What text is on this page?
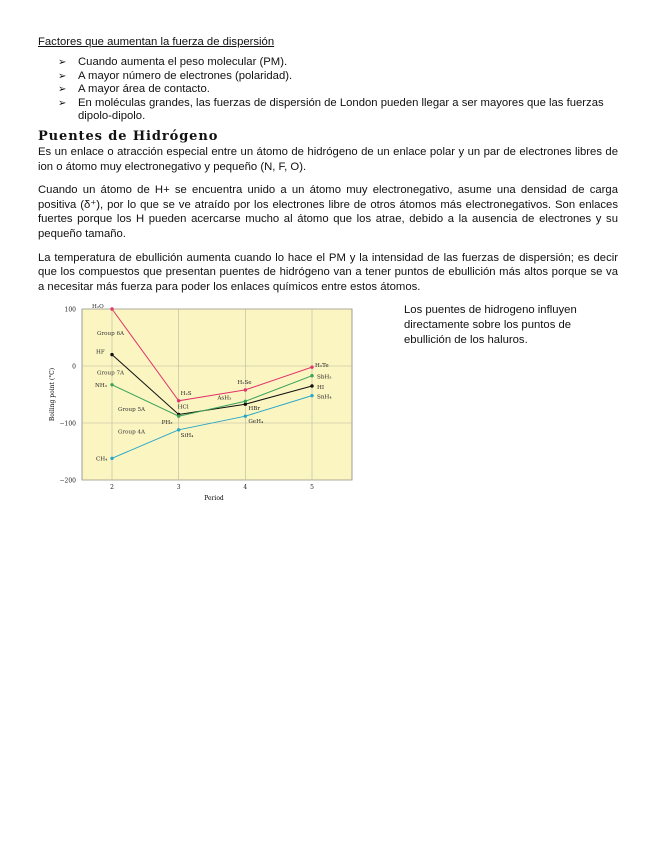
Factores que aumentan la fuerza de dispersión
➢ Cuando aumenta el peso molecular (PM).
➢ A mayor número de electrones (polaridad).
➢ A mayor área de contacto.
➢ En moléculas grandes, las fuerzas de dispersión de London pueden llegar a ser mayores que las fuerzas dipolo-dipolo.
Puentes de Hidrógeno

Es un enlace o atracción especial entre un átomo de hidrógeno de un enlace polar y un par de electrones libres de ion o átomo muy electronegativo y pequeño (N, F, O).

Cuando un átomo de H+ se encuentra unido a un átomo muy electronegativo, asume una densidad de carga positiva (δ⁺), por lo que se ve atraído por los electrones libre de otros átomos más electronegativos. Son enlaces fuertes porque los H pueden acercarse mucho al átomo que los atrae, debido a la ausencia de electrones y su pequeño tamaño.

La temperatura de ebullición aumenta cuando lo hace el PM y la intensidad de las fuerzas de dispersión; es decir que los compuestos que presentan puentes de hidrógeno van a tener puntos de ebullición más altos porque se va a necesitar más fuerza para poder los enlaces químicos entre estos átomos.

100
0
−100
−200
2	3	4	5
H₂O
H₂S
H₂Se
H₂Te
Group 6A
HF
HCl	HBr
HI
Group 7A
NH₃
PH₃
AsH₃
SbH₃
Group 5A
CH₄
SiH₄
GeH₄
SnH₄
Group 4A
Period
Boiling point (°C)
Los puentes de hidrogeno influyen directamente sobre los puntos de ebullición de los haluros.
